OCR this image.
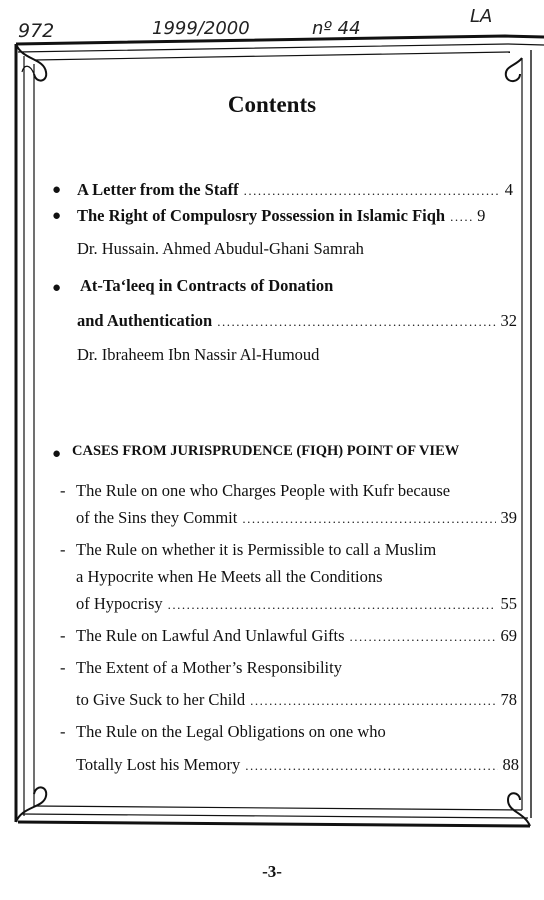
972	1999/2000	nº 44
LA
Contents
● A Letter from the Staff .....	4
● The Right of Compulosry Possession in Islamic Fiqh ..... 9
Dr. Hussain. Ahmed Abudul-Ghani Samrah
● At-Ta‘leeq in Contracts of Donation
and Authentication .....	32
Dr. Ibraheem Ibn Nassir Al-Humoud
● CASES FROM JURISPRUDENCE (FIQH) POINT OF VIEW
- The Rule on one who Charges People with Kufr because
of the Sins they Commit .....	39
- The Rule on whether it is Permissible to call a Muslim
a Hypocrite when He Meets all the Conditions
of Hypocrisy .....	55
- The Rule on Lawful And Unlawful Gifts .....	69
- The Extent of a Mother’s Responsibility
to Give Suck to her Child .....	78
- The Rule on the Legal Obligations on one who
Totally Lost his Memory .....	88
-3-
